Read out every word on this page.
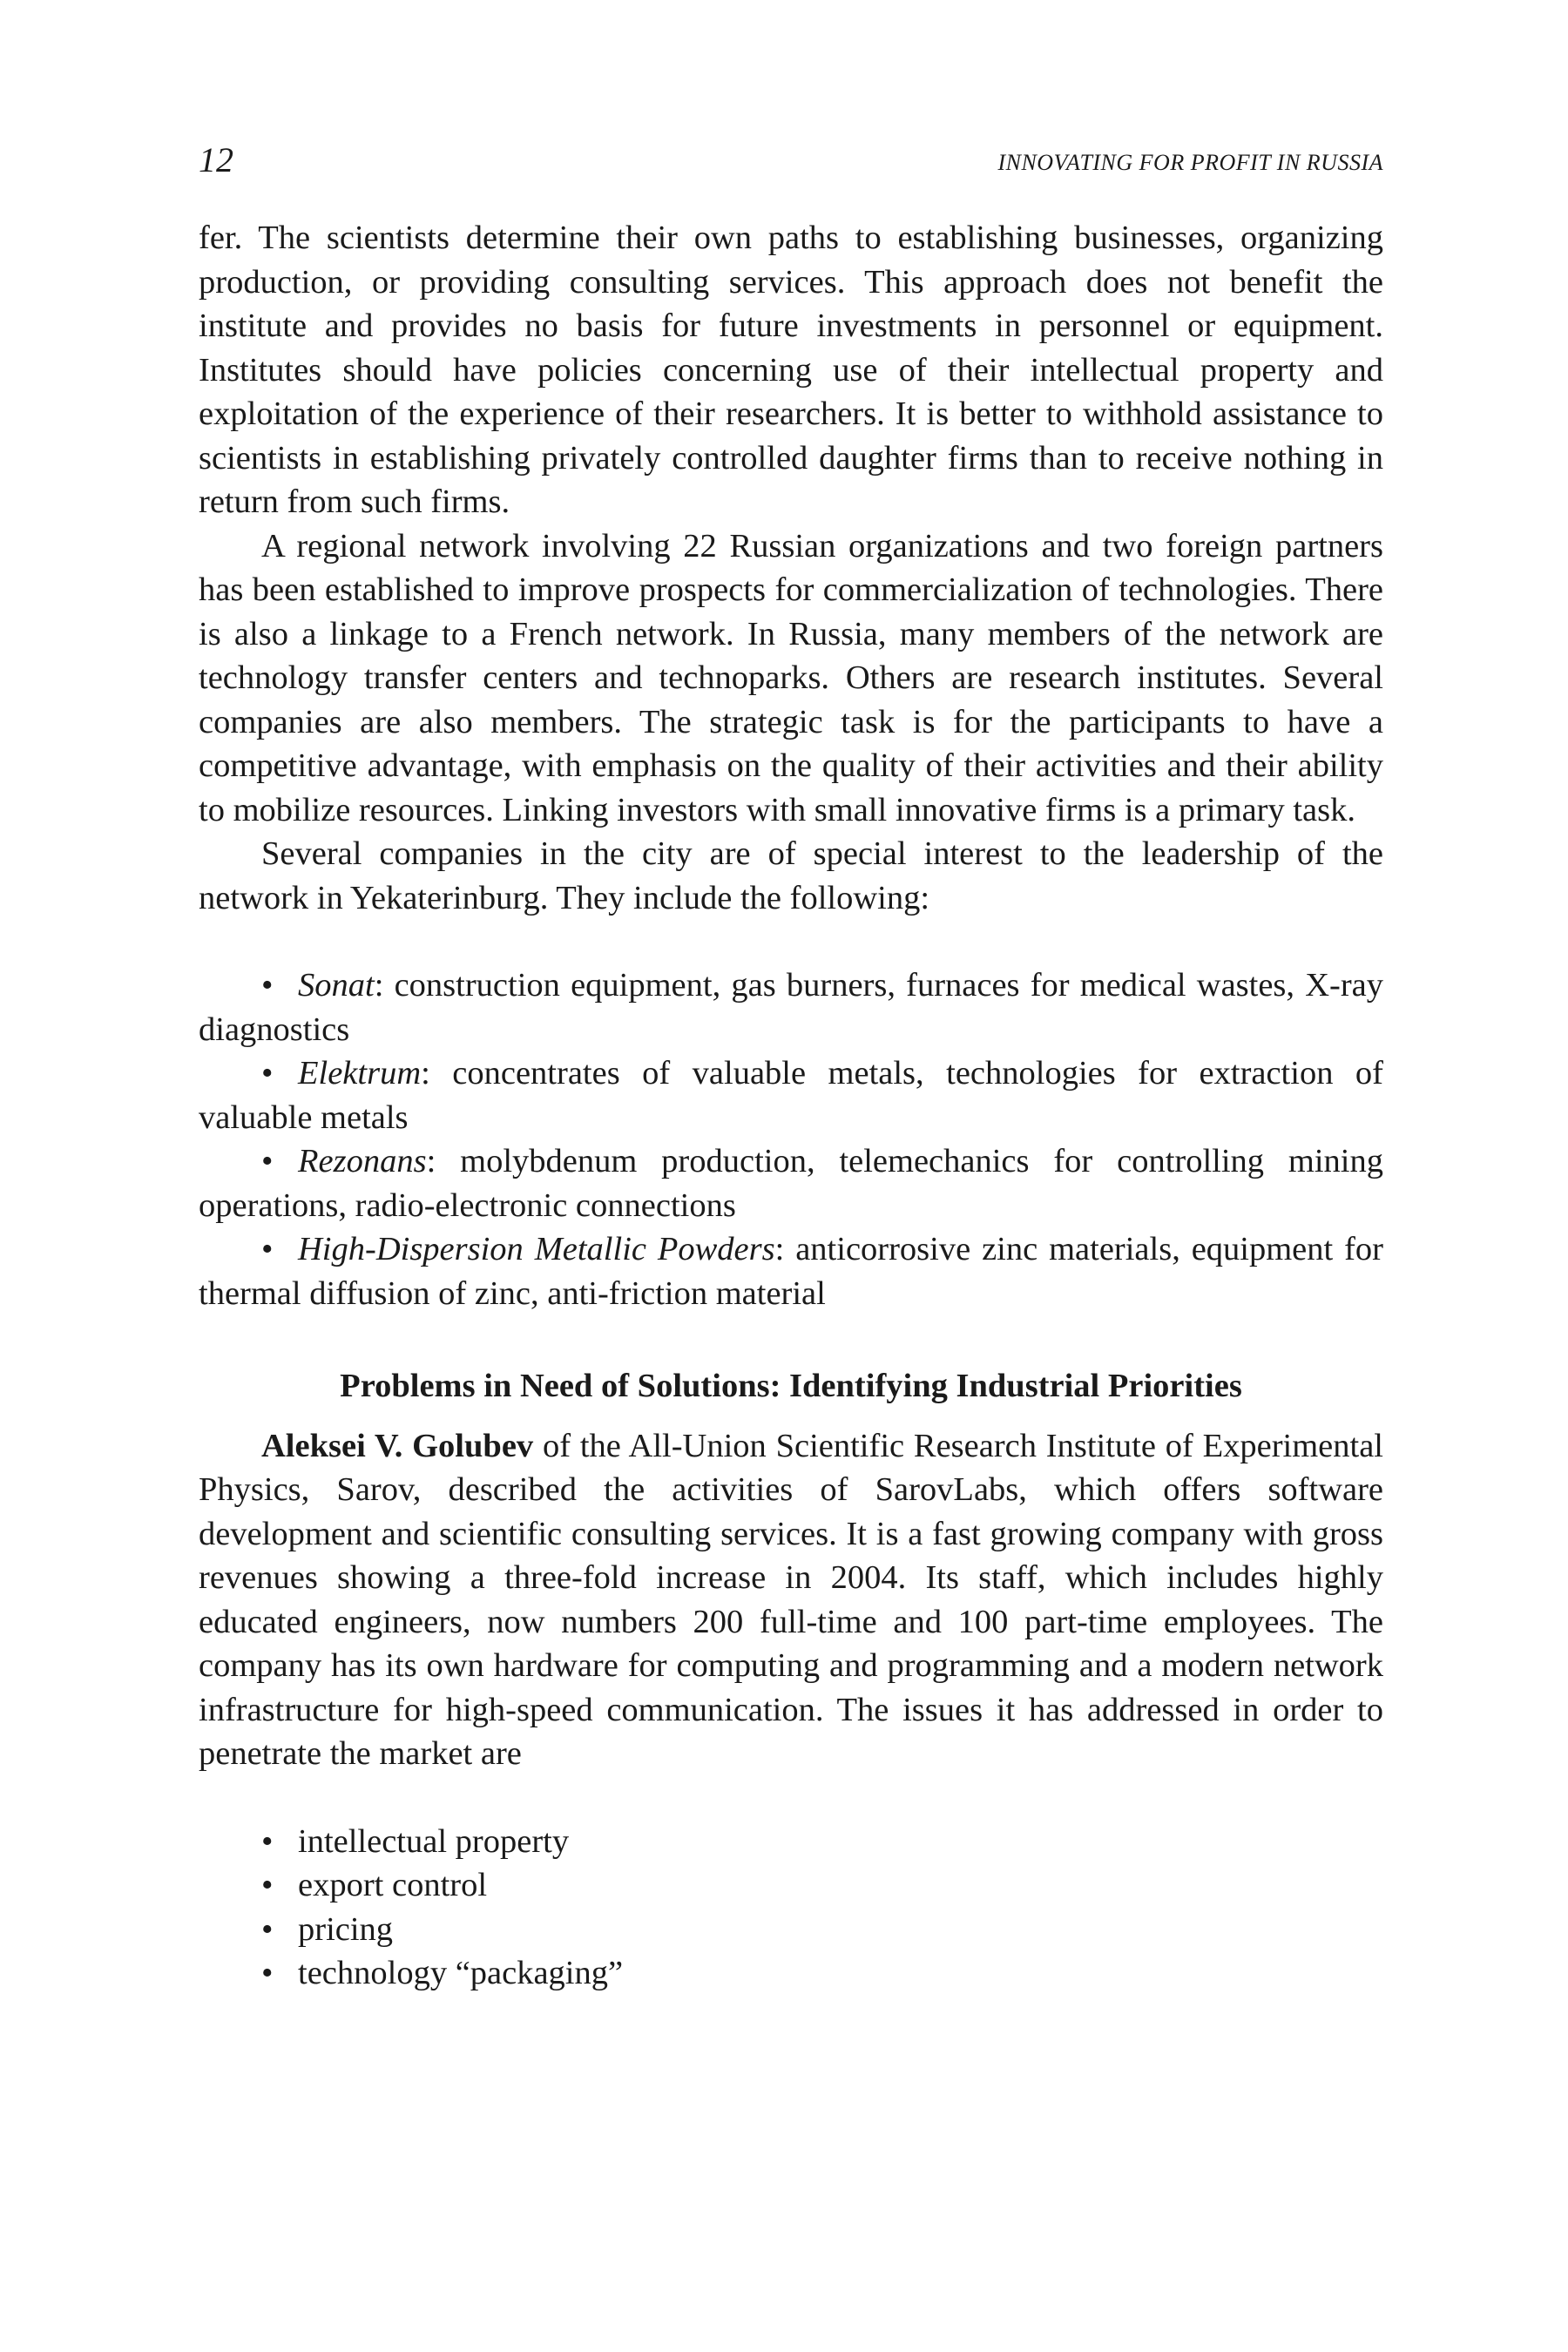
12	INNOVATING FOR PROFIT IN RUSSIA

fer. The scientists determine their own paths to establishing businesses, organizing production, or providing consulting services. This approach does not benefit the institute and provides no basis for future investments in personnel or equipment. Institutes should have policies concerning use of their intellectual property and exploitation of the experience of their researchers. It is better to withhold assistance to scientists in establishing privately controlled daughter firms than to receive nothing in return from such firms.

A regional network involving 22 Russian organizations and two foreign partners has been established to improve prospects for commercialization of technologies. There is also a linkage to a French network. In Russia, many members of the network are technology transfer centers and technoparks. Others are research institutes. Several companies are also members. The strategic task is for the participants to have a competitive advantage, with emphasis on the quality of their activities and their ability to mobilize resources. Linking investors with small innovative firms is a primary task.

Several companies in the city are of special interest to the leadership of the network in Yekaterinburg. They include the following:

• Sonat: construction equipment, gas burners, furnaces for medical wastes, X-ray diagnostics

• Elektrum: concentrates of valuable metals, technologies for extraction of valuable metals

• Rezonans: molybdenum production, telemechanics for controlling mining operations, radio-electronic connections

• High-Dispersion Metallic Powders: anticorrosive zinc materials, equipment for thermal diffusion of zinc, anti-friction material

Problems in Need of Solutions: Identifying Industrial Priorities

Aleksei V. Golubev of the All-Union Scientific Research Institute of Experimental Physics, Sarov, described the activities of SarovLabs, which offers software development and scientific consulting services. It is a fast growing company with gross revenues showing a three-fold increase in 2004. Its staff, which includes highly educated engineers, now numbers 200 full-time and 100 part-time employees. The company has its own hardware for computing and programming and a modern network infrastructure for high-speed communication. The issues it has addressed in order to penetrate the market are

• intellectual property
• export control
• pricing
• technology “packaging”
